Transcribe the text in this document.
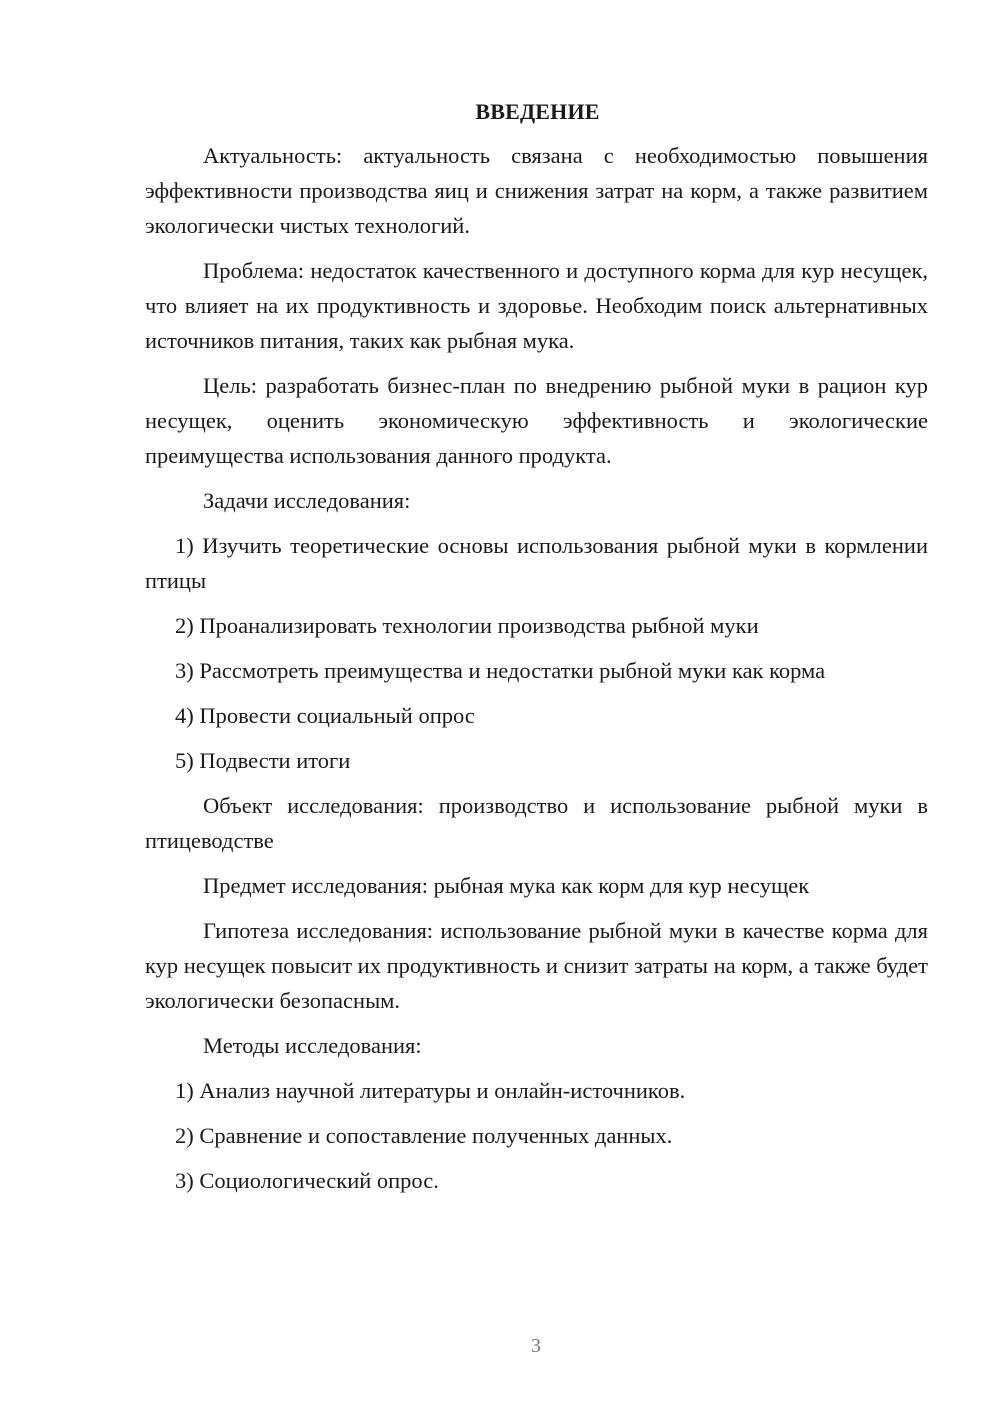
ВВЕДЕНИЕ

Актуальность: актуальность связана с необходимостью повышения эффективности производства яиц и снижения затрат на корм, а также развитием экологически чистых технологий.

Проблема: недостаток качественного и доступного корма для кур несущек, что влияет на их продуктивность и здоровье. Необходим поиск альтернативных источников питания, таких как рыбная мука.

Цель: разработать бизнес-план по внедрению рыбной муки в рацион кур несущек, оценить экономическую эффективность и экологические преимущества использования данного продукта.

Задачи исследования:

1) Изучить теоретические основы использования рыбной муки в кормлении птицы

2) Проанализировать технологии производства рыбной муки

3) Рассмотреть преимущества и недостатки рыбной муки как корма

4) Провести социальный опрос

5) Подвести итоги

Объект исследования: производство и использование рыбной муки в птицеводстве

Предмет исследования: рыбная мука как корм для кур несущек

Гипотеза исследования: использование рыбной муки в качестве корма для кур несущек повысит их продуктивность и снизит затраты на корм, а также будет экологически безопасным.

Методы исследования:

1) Анализ научной литературы и онлайн-источников.

2) Сравнение и сопоставление полученных данных.

3) Социологический опрос.

3
